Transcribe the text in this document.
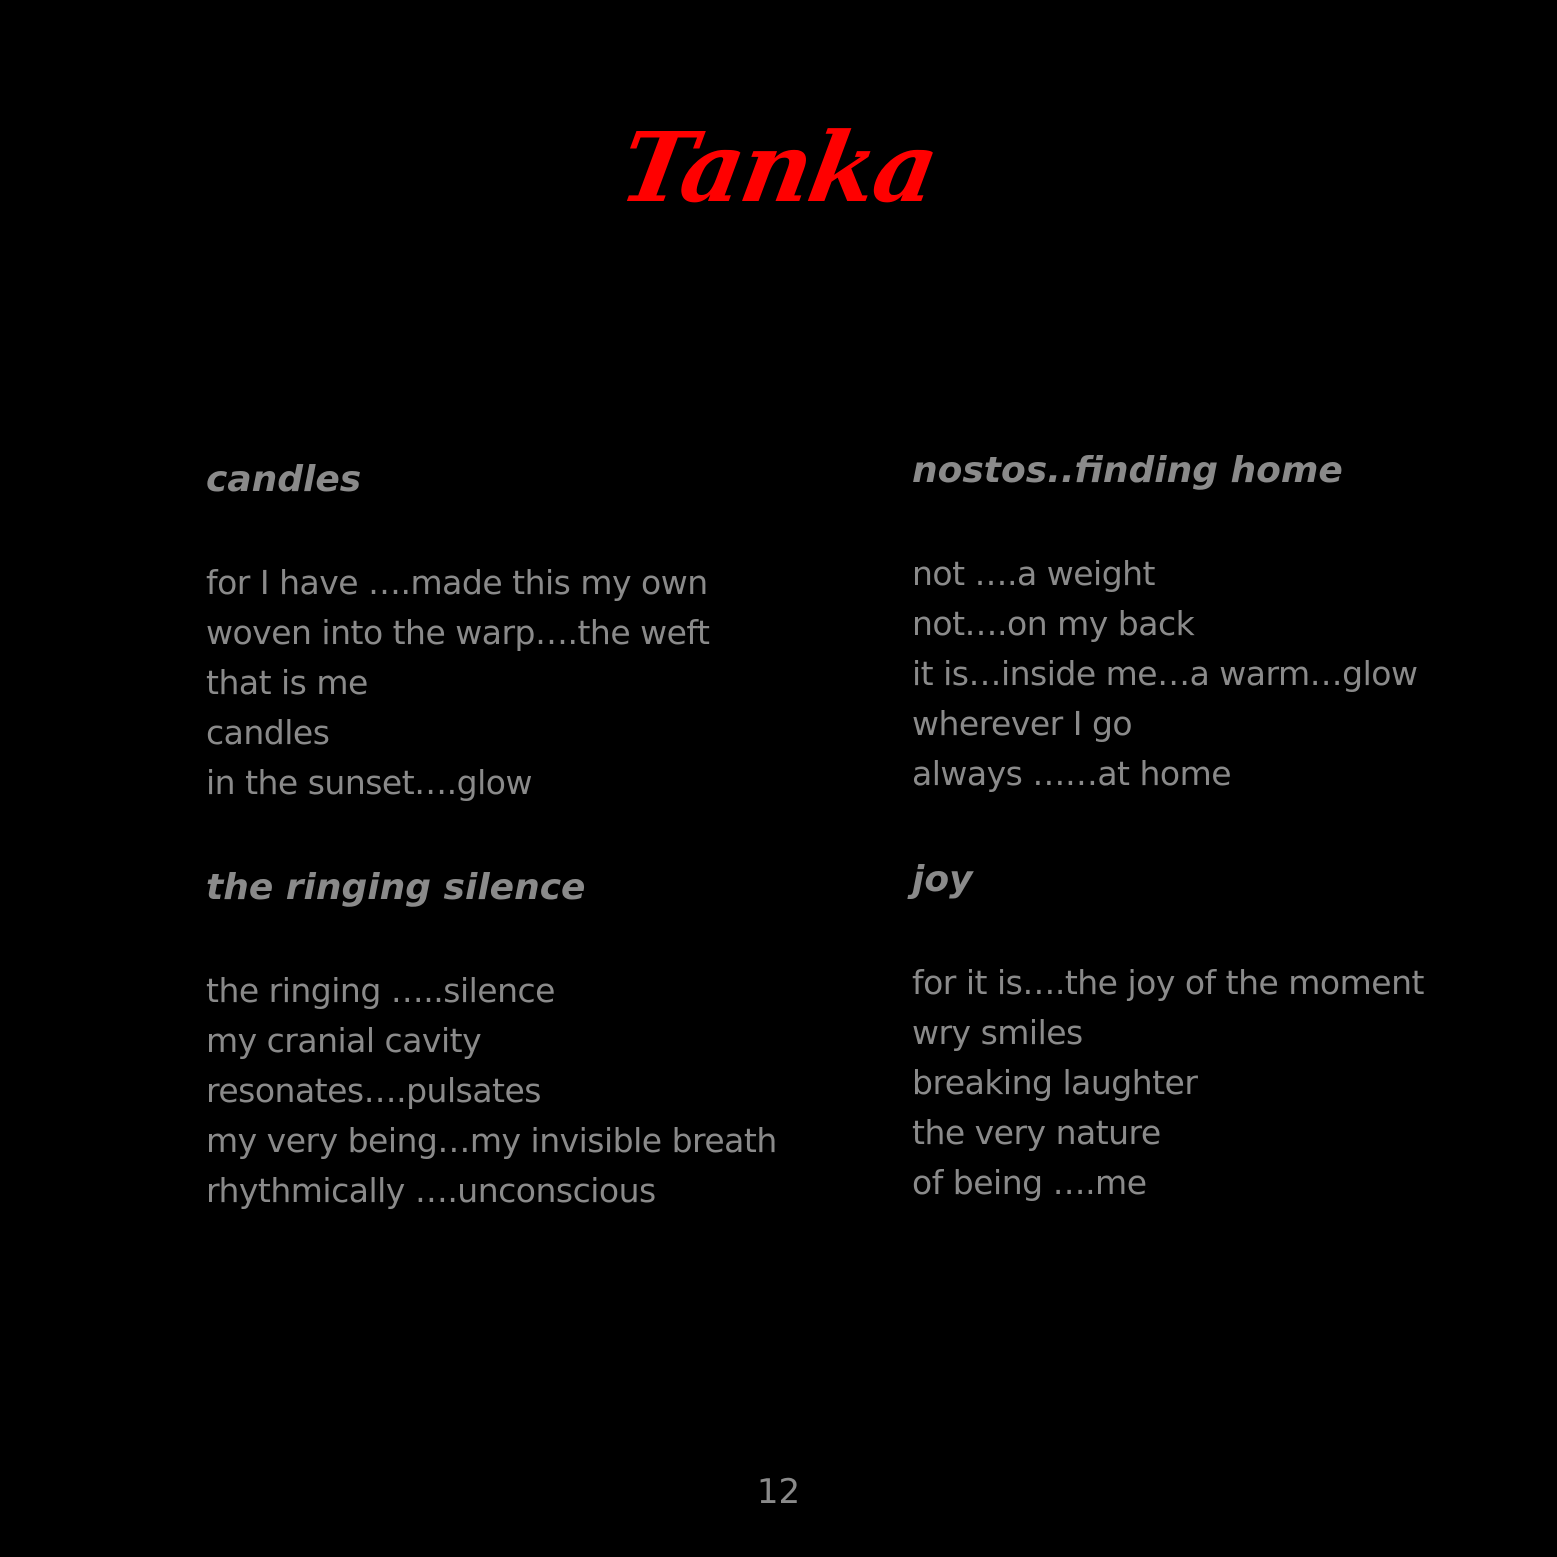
Tanka
candles
for I have ….made this my own
woven into the warp….the weft
that is me
candles
in the sunset….glow
nostos..finding home
not ….a weight
not….on my back
it is…inside me…a warm…glow
wherever I go
always ……at home
the ringing silence
the ringing …..silence
my cranial cavity
resonates….pulsates
my very being…my invisible breath
rhythmically ….unconscious
joy
for it is….the joy of the moment
wry smiles
breaking laughter
the very nature
of being ….me
12
